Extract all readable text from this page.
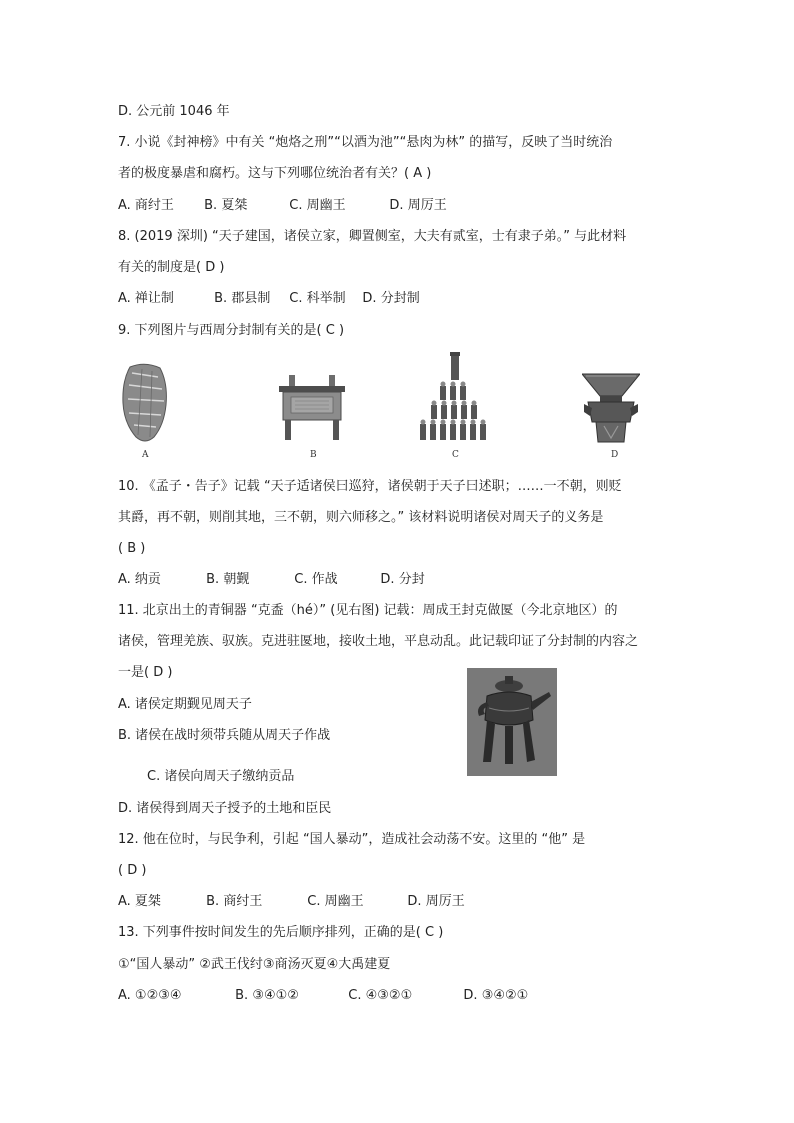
D. 公元前 1046 年
7. 小说《封神榜》中有关 “炮烙之刑”“以酒为池”“悬肉为林” 的描写，反映了当时统治
者的极度暴虐和腐朽。这与下列哪位统治者有关？( A )
A. 商纣王 B. 夏桀	C. 周幽王	D. 周厉王
8. (2019 深圳) “天子建国，诸侯立家，卿置侧室，大夫有贰室，士有隶子弟。” 与此材料
有关的制度是( D )
A. 禅让制	B. 郡县制 C. 科举制 D. 分封制
9. 下列图片与西周分封制有关的是( C )
A	B	C	D
10. 《孟子・告子》记载 “天子适诸侯曰巡狩，诸侯朝于天子曰述职；……一不朝，则贬
其爵，再不朝，则削其地，三不朝，则六师移之。” 该材料说明诸侯对周天子的义务是
( B )
A. 纳贡	B. 朝觐	C. 作战	D. 分封
11. 北京出土的青铜器 “克盉（hé）” (见右图) 记载：周成王封克做匽（今北京地区）的
诸侯，管理羌族、驭族。克进驻匽地，接收土地，平息动乱。此记载印证了分封制的内容之
一是( D )
A. 诸侯定期觐见周天子
B. 诸侯在战时须带兵随从周天子作战
C. 诸侯向周天子缴纳贡品
D. 诸侯得到周天子授予的土地和臣民
12. 他在位时，与民争利，引起 “国人暴动”，造成社会动荡不安。这里的 “他” 是
( D )
A. 夏桀	B. 商纣王	C. 周幽王	D. 周厉王
13. 下列事件按时间发生的先后顺序排列，正确的是( C )
①“国人暴动” ②武王伐纣③商汤灭夏④大禹建夏
A. ①②③④	B. ③④①②	C. ④③②①	D. ③④②①
